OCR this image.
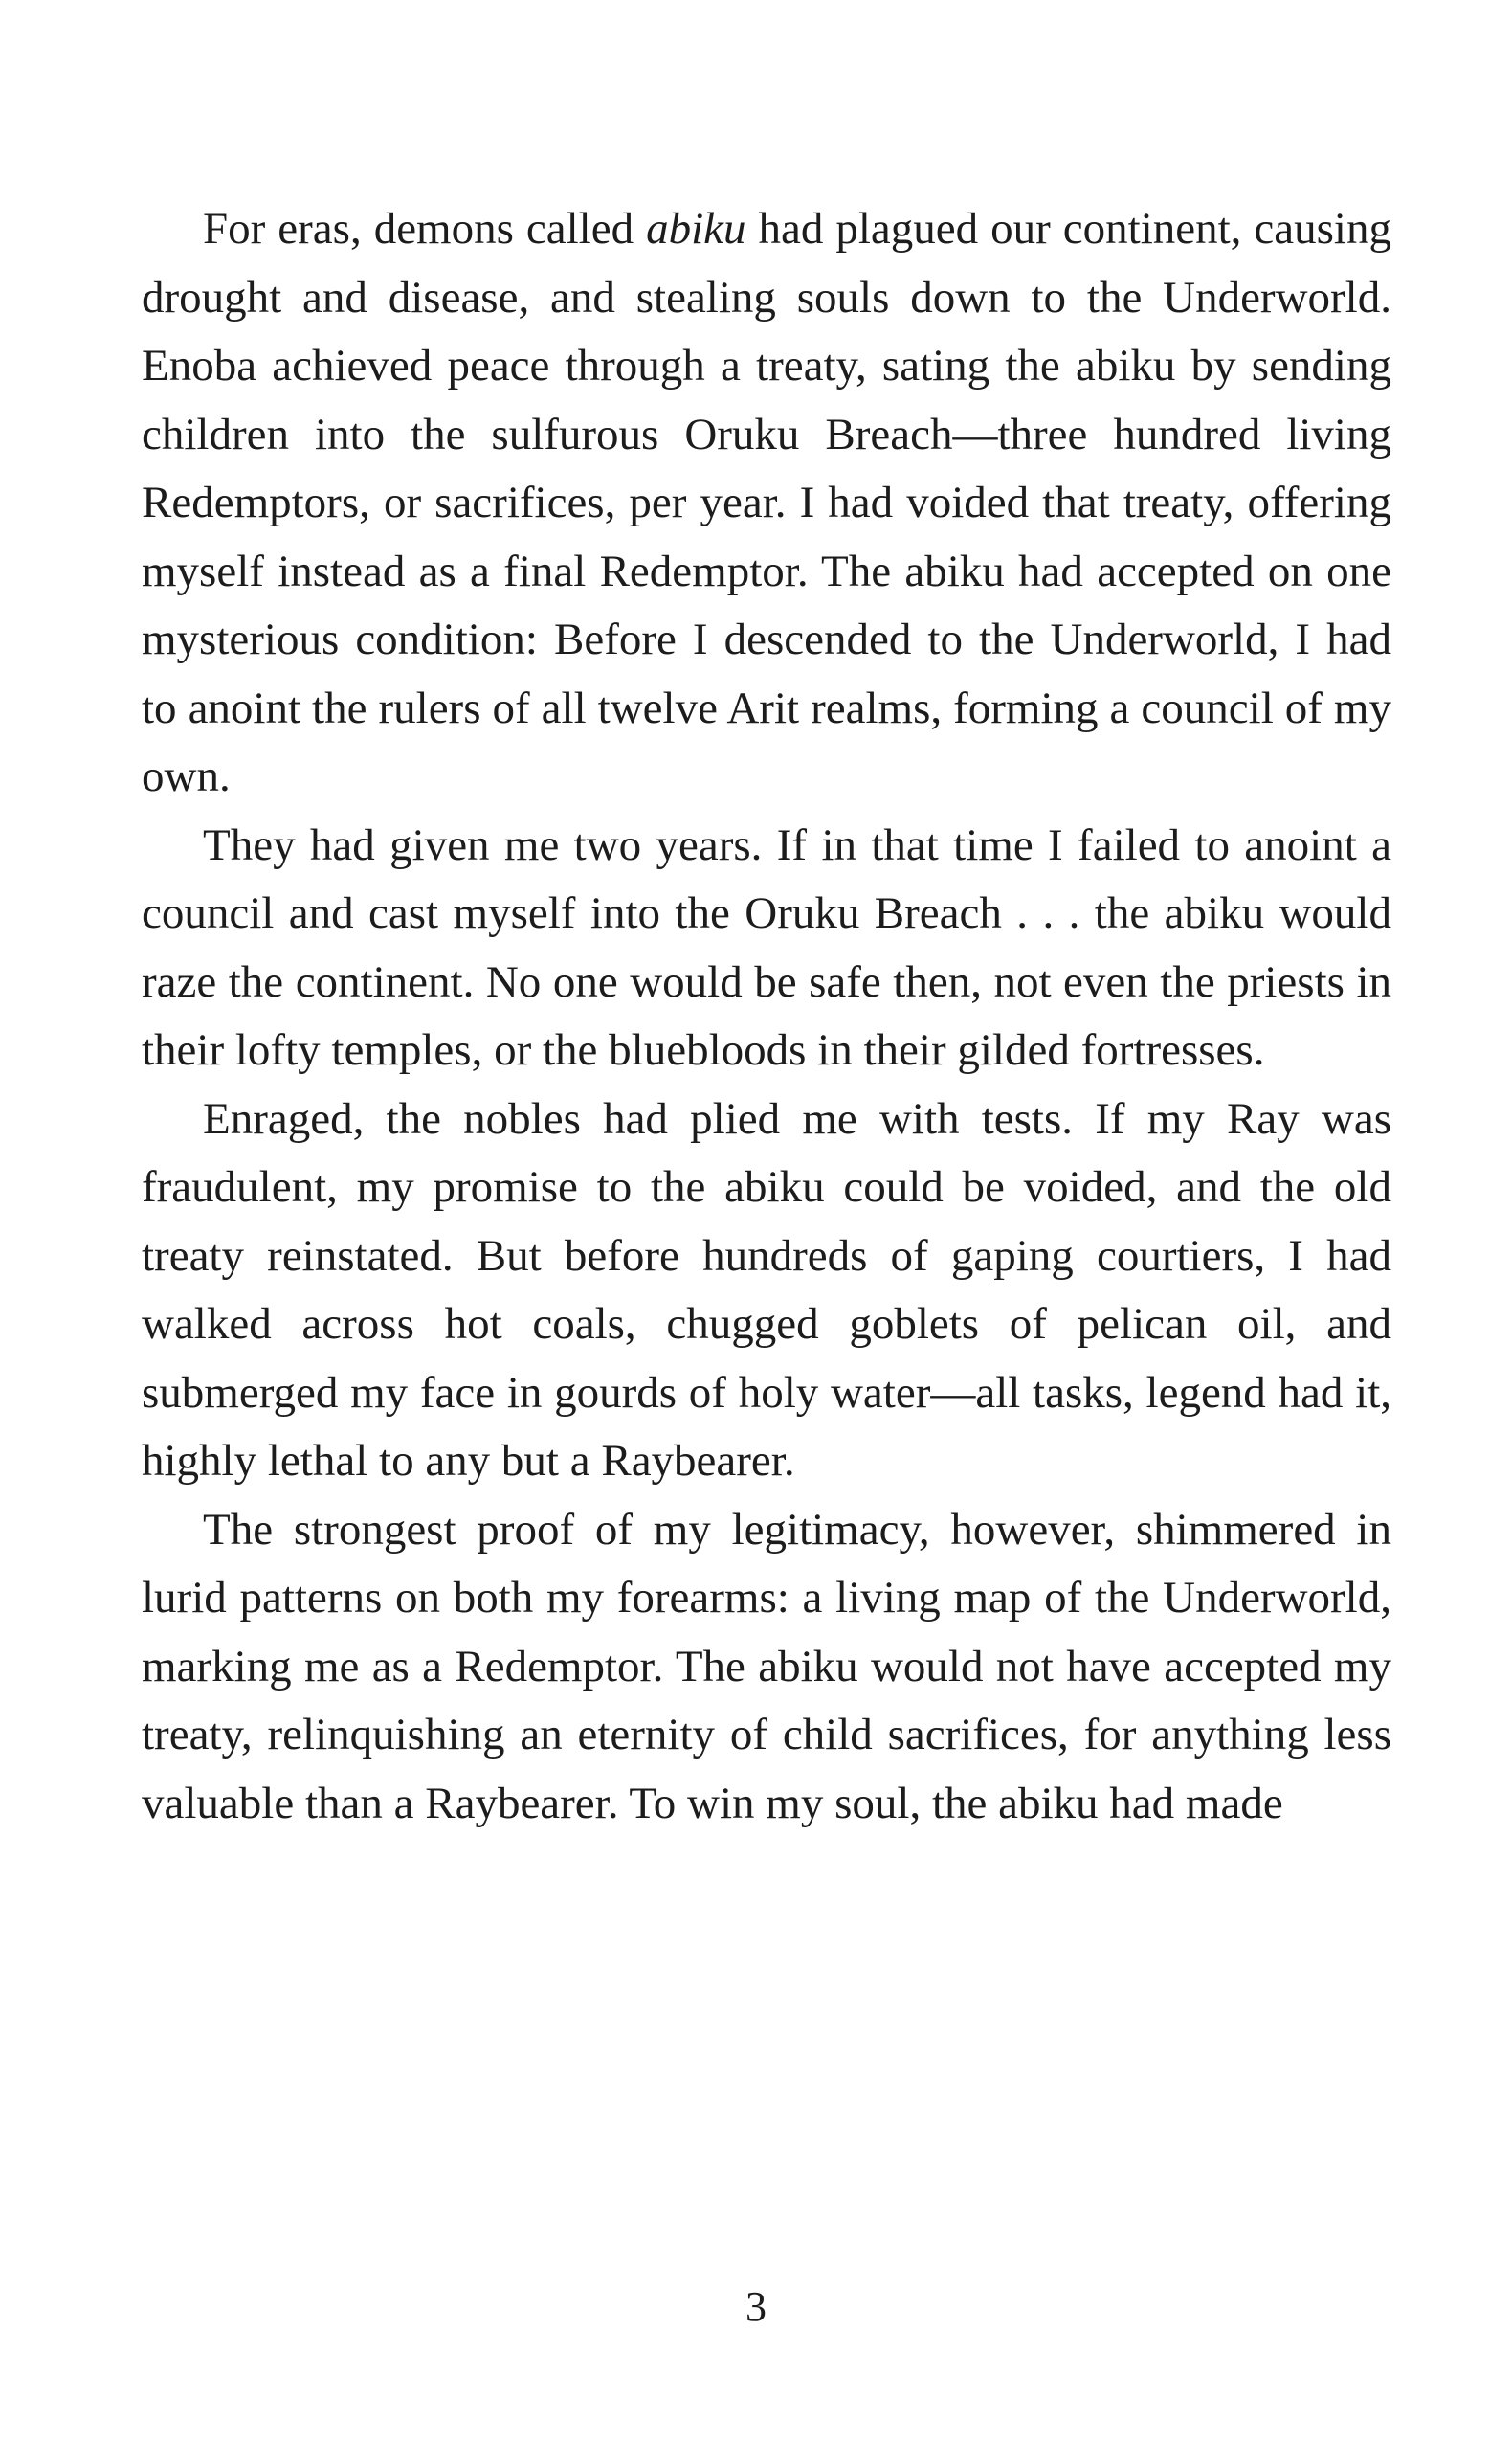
For eras, demons called abiku had plagued our continent, causing drought and disease, and stealing souls down to the Underworld. Enoba achieved peace through a treaty, sating the abiku by sending children into the sulfurous Oruku Breach—three hundred living Redemptors, or sacrifices, per year. I had voided that treaty, offering myself instead as a final Redemptor. The abiku had accepted on one mysterious condition: Before I descended to the Underworld, I had to anoint the rulers of all twelve Arit realms, forming a council of my own.

They had given me two years. If in that time I failed to anoint a council and cast myself into the Oruku Breach . . . the abiku would raze the continent. No one would be safe then, not even the priests in their lofty temples, or the bluebloods in their gilded fortresses.

Enraged, the nobles had plied me with tests. If my Ray was fraudulent, my promise to the abiku could be voided, and the old treaty reinstated. But before hundreds of gaping courtiers, I had walked across hot coals, chugged goblets of pelican oil, and submerged my face in gourds of holy water—all tasks, legend had it, highly lethal to any but a Raybearer.

The strongest proof of my legitimacy, however, shimmered in lurid patterns on both my forearms: a living map of the Underworld, marking me as a Redemptor. The abiku would not have accepted my treaty, relinquishing an eternity of child sacrifices, for anything less valuable than a Raybearer. To win my soul, the abiku had made

3
